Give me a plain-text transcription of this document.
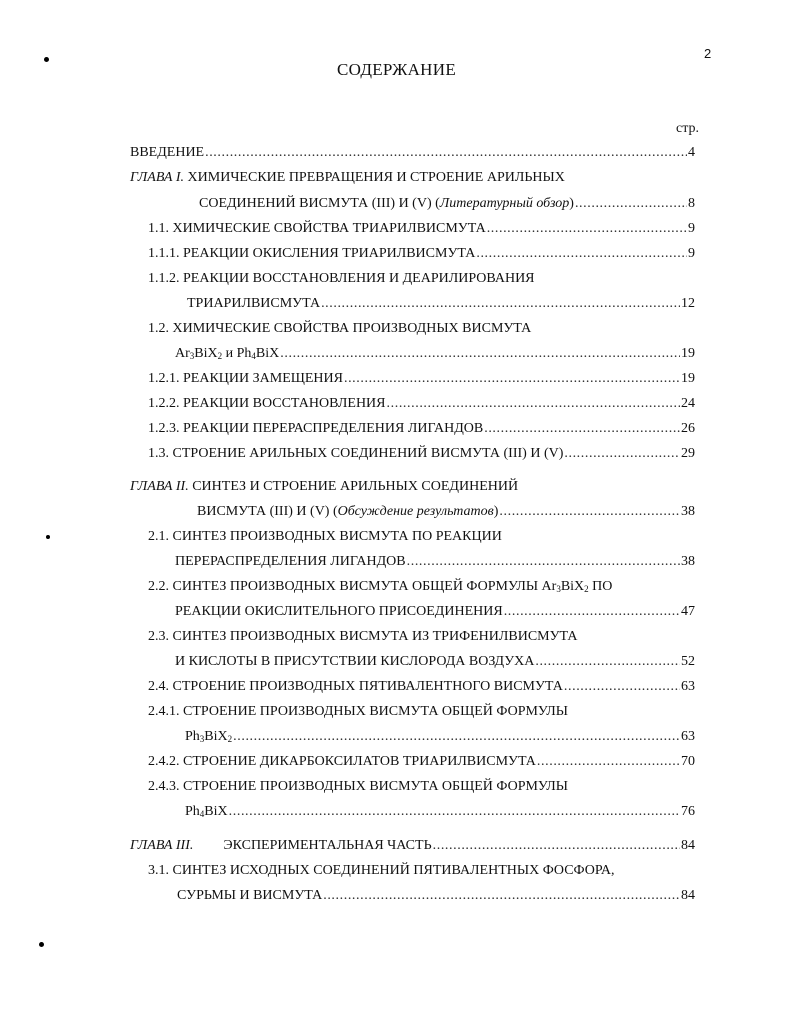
2
СОДЕРЖАНИЕ
стр.
ВВЕДЕНИЕ .....	4
ГЛАВА I. ХИМИЧЕСКИЕ ПРЕВРАЩЕНИЯ И СТРОЕНИЕ АРИЛЬНЫХ
СОЕДИНЕНИЙ ВИСМУТА (III) И (V) (Литературный обзор) .....	8
1.1. ХИМИЧЕСКИЕ СВОЙСТВА ТРИАРИЛВИСМУТА .....	9
1.1.1. РЕАКЦИИ ОКИСЛЕНИЯ ТРИАРИЛВИСМУТА .....	9
1.1.2. РЕАКЦИИ ВОССТАНОВЛЕНИЯ И ДЕАРИЛИРОВАНИЯ
ТРИАРИЛВИСМУТА .....	12
1.2. ХИМИЧЕСКИЕ СВОЙСТВА ПРОИЗВОДНЫХ ВИСМУТА
$Ar_3BiX_2$ и $Ph_4BiX$ .....	19
1.2.1. РЕАКЦИИ ЗАМЕЩЕНИЯ .....	19
1.2.2. РЕАКЦИИ ВОССТАНОВЛЕНИЯ .....	24
1.2.3. РЕАКЦИИ ПЕРЕРАСПРЕДЕЛЕНИЯ ЛИГАНДОВ .....	26
1.3. СТРОЕНИЕ АРИЛЬНЫХ СОЕДИНЕНИЙ ВИСМУТА (III) И (V) .....	29
ГЛАВА II. СИНТЕЗ И СТРОЕНИЕ АРИЛЬНЫХ СОЕДИНЕНИЙ
ВИСМУТА (III) И (V) (Обсуждение результатов) .....	38
2.1. СИНТЕЗ ПРОИЗВОДНЫХ ВИСМУТА ПО РЕАКЦИИ
ПЕРЕРАСПРЕДЕЛЕНИЯ ЛИГАНДОВ .....	38
2.2. СИНТЕЗ ПРОИЗВОДНЫХ ВИСМУТА ОБЩЕЙ ФОРМУЛЫ $Ar_3BiX_2$ ПО
РЕАКЦИИ ОКИСЛИТЕЛЬНОГО ПРИСОЕДИНЕНИЯ .....	47
2.3. СИНТЕЗ ПРОИЗВОДНЫХ ВИСМУТА ИЗ ТРИФЕНИЛВИСМУТА
И КИСЛОТЫ В ПРИСУТСТВИИ КИСЛОРОДА ВОЗДУХА .....	52
2.4. СТРОЕНИЕ ПРОИЗВОДНЫХ ПЯТИВАЛЕНТНОГО ВИСМУТА .....	63
2.4.1. СТРОЕНИЕ ПРОИЗВОДНЫХ ВИСМУТА ОБЩЕЙ ФОРМУЛЫ
$Ph_3BiX_2$ .....	63
2.4.2. СТРОЕНИЕ ДИКАРБОКСИЛАТОВ ТРИАРИЛВИСМУТА .....	70
2.4.3. СТРОЕНИЕ ПРОИЗВОДНЫХ ВИСМУТА ОБЩЕЙ ФОРМУЛЫ
$Ph_4BiX$ .....	76
ГЛАВА III. ЭКСПЕРИМЕНТАЛЬНАЯ ЧАСТЬ .....	84
3.1. СИНТЕЗ ИСХОДНЫХ СОЕДИНЕНИЙ ПЯТИВАЛЕНТНЫХ ФОСФОРА,
СУРЬМЫ И ВИСМУТА .....	84
